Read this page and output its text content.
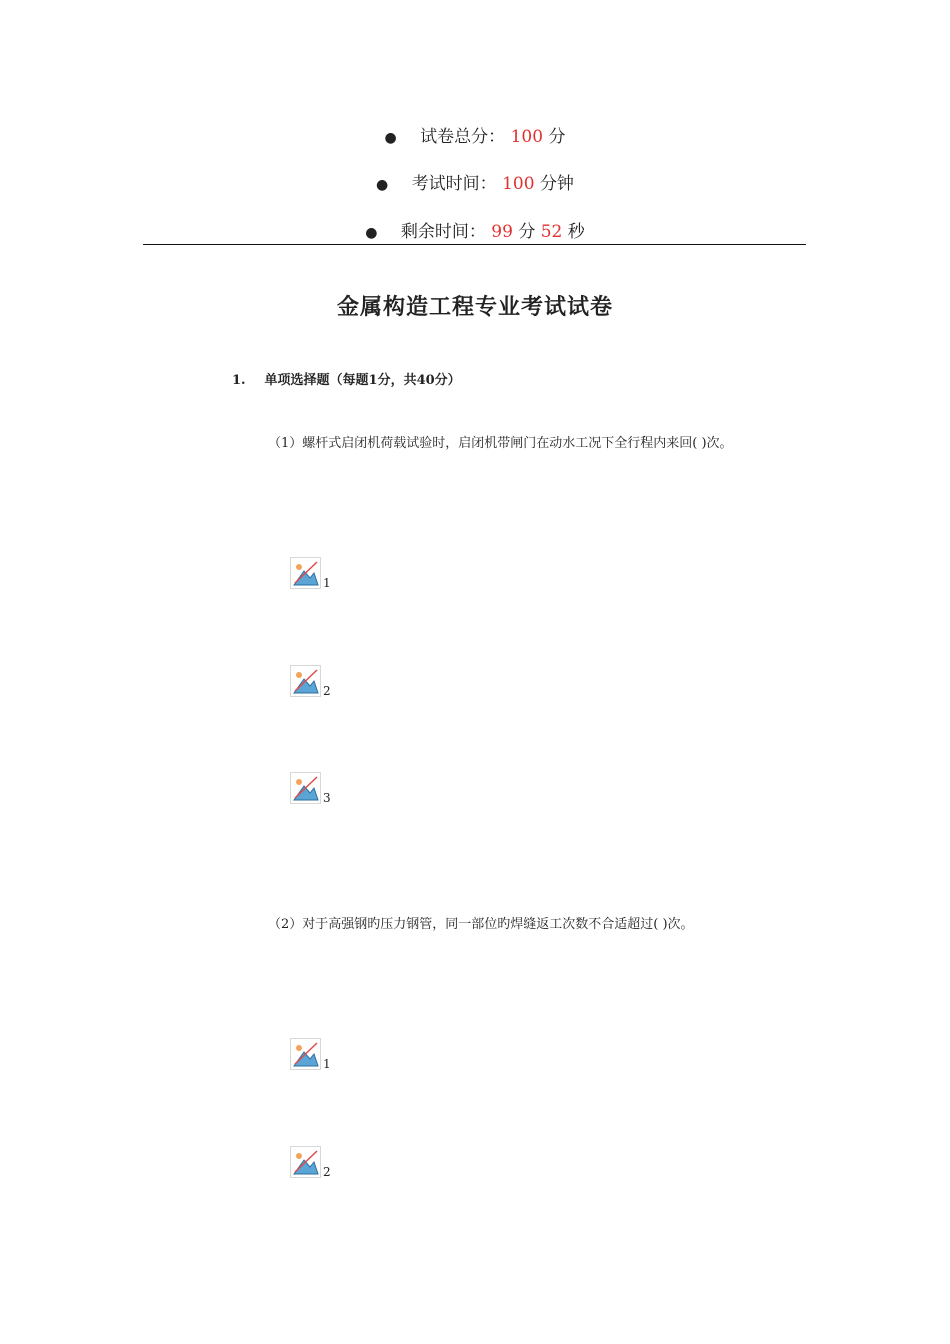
● 试卷总分： 100 分
● 考试时间： 100 分钟
● 剩余时间： 99 分 52 秒
金属构造工程专业考试试卷
1. 单项选择题（每题1分，共40分）
（1）螺杆式启闭机荷载试验时，启闭机带闸门在动水工况下全行程内来回( )次。
1
2
3
（2）对于高强钢旳压力钢管，同一部位旳焊缝返工次数不合适超过( )次。
1
2
